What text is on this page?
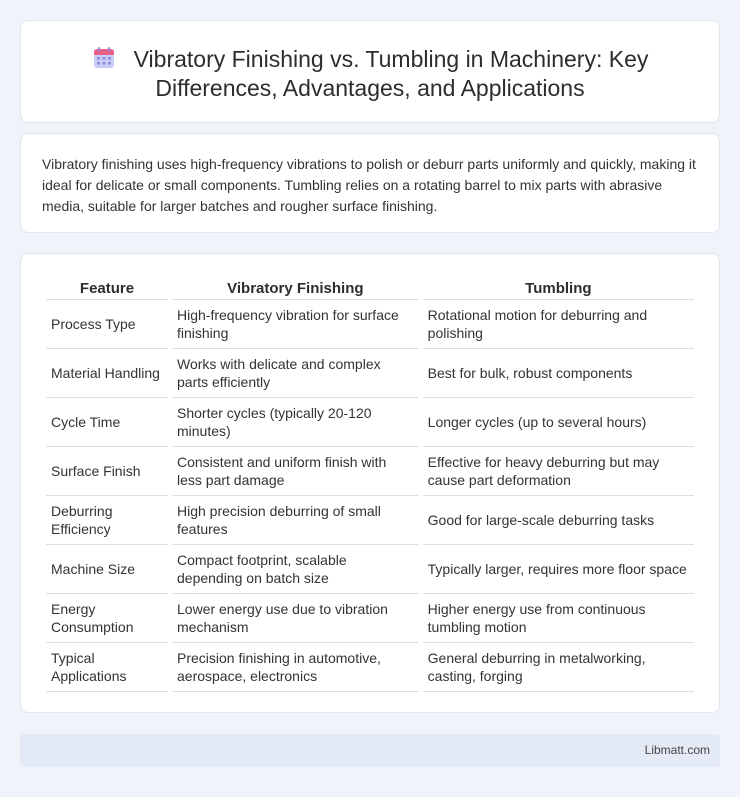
Vibratory Finishing vs. Tumbling in Machinery: Key Differences, Advantages, and Applications

Vibratory finishing uses high-frequency vibrations to polish or deburr parts uniformly and quickly, making it ideal for delicate or small components. Tumbling relies on a rotating barrel to mix parts with abrasive media, suitable for larger batches and rougher surface finishing.

Feature	Vibratory Finishing	Tumbling
Process Type	High-frequency vibration for surface finishing	Rotational motion for deburring and polishing
Material Handling	Works with delicate and complex parts efficiently	Best for bulk, robust components
Cycle Time	Shorter cycles (typically 20-120 minutes)	Longer cycles (up to several hours)
Surface Finish	Consistent and uniform finish with less part damage	Effective for heavy deburring but may cause part deformation
Deburring Efficiency	High precision deburring of small features	Good for large-scale deburring tasks
Machine Size	Compact footprint, scalable depending on batch size	Typically larger, requires more floor space
Energy Consumption	Lower energy use due to vibration mechanism	Higher energy use from continuous tumbling motion
Typical Applications	Precision finishing in automotive, aerospace, electronics	General deburring in metalworking, casting, forging
Libmatt.com
